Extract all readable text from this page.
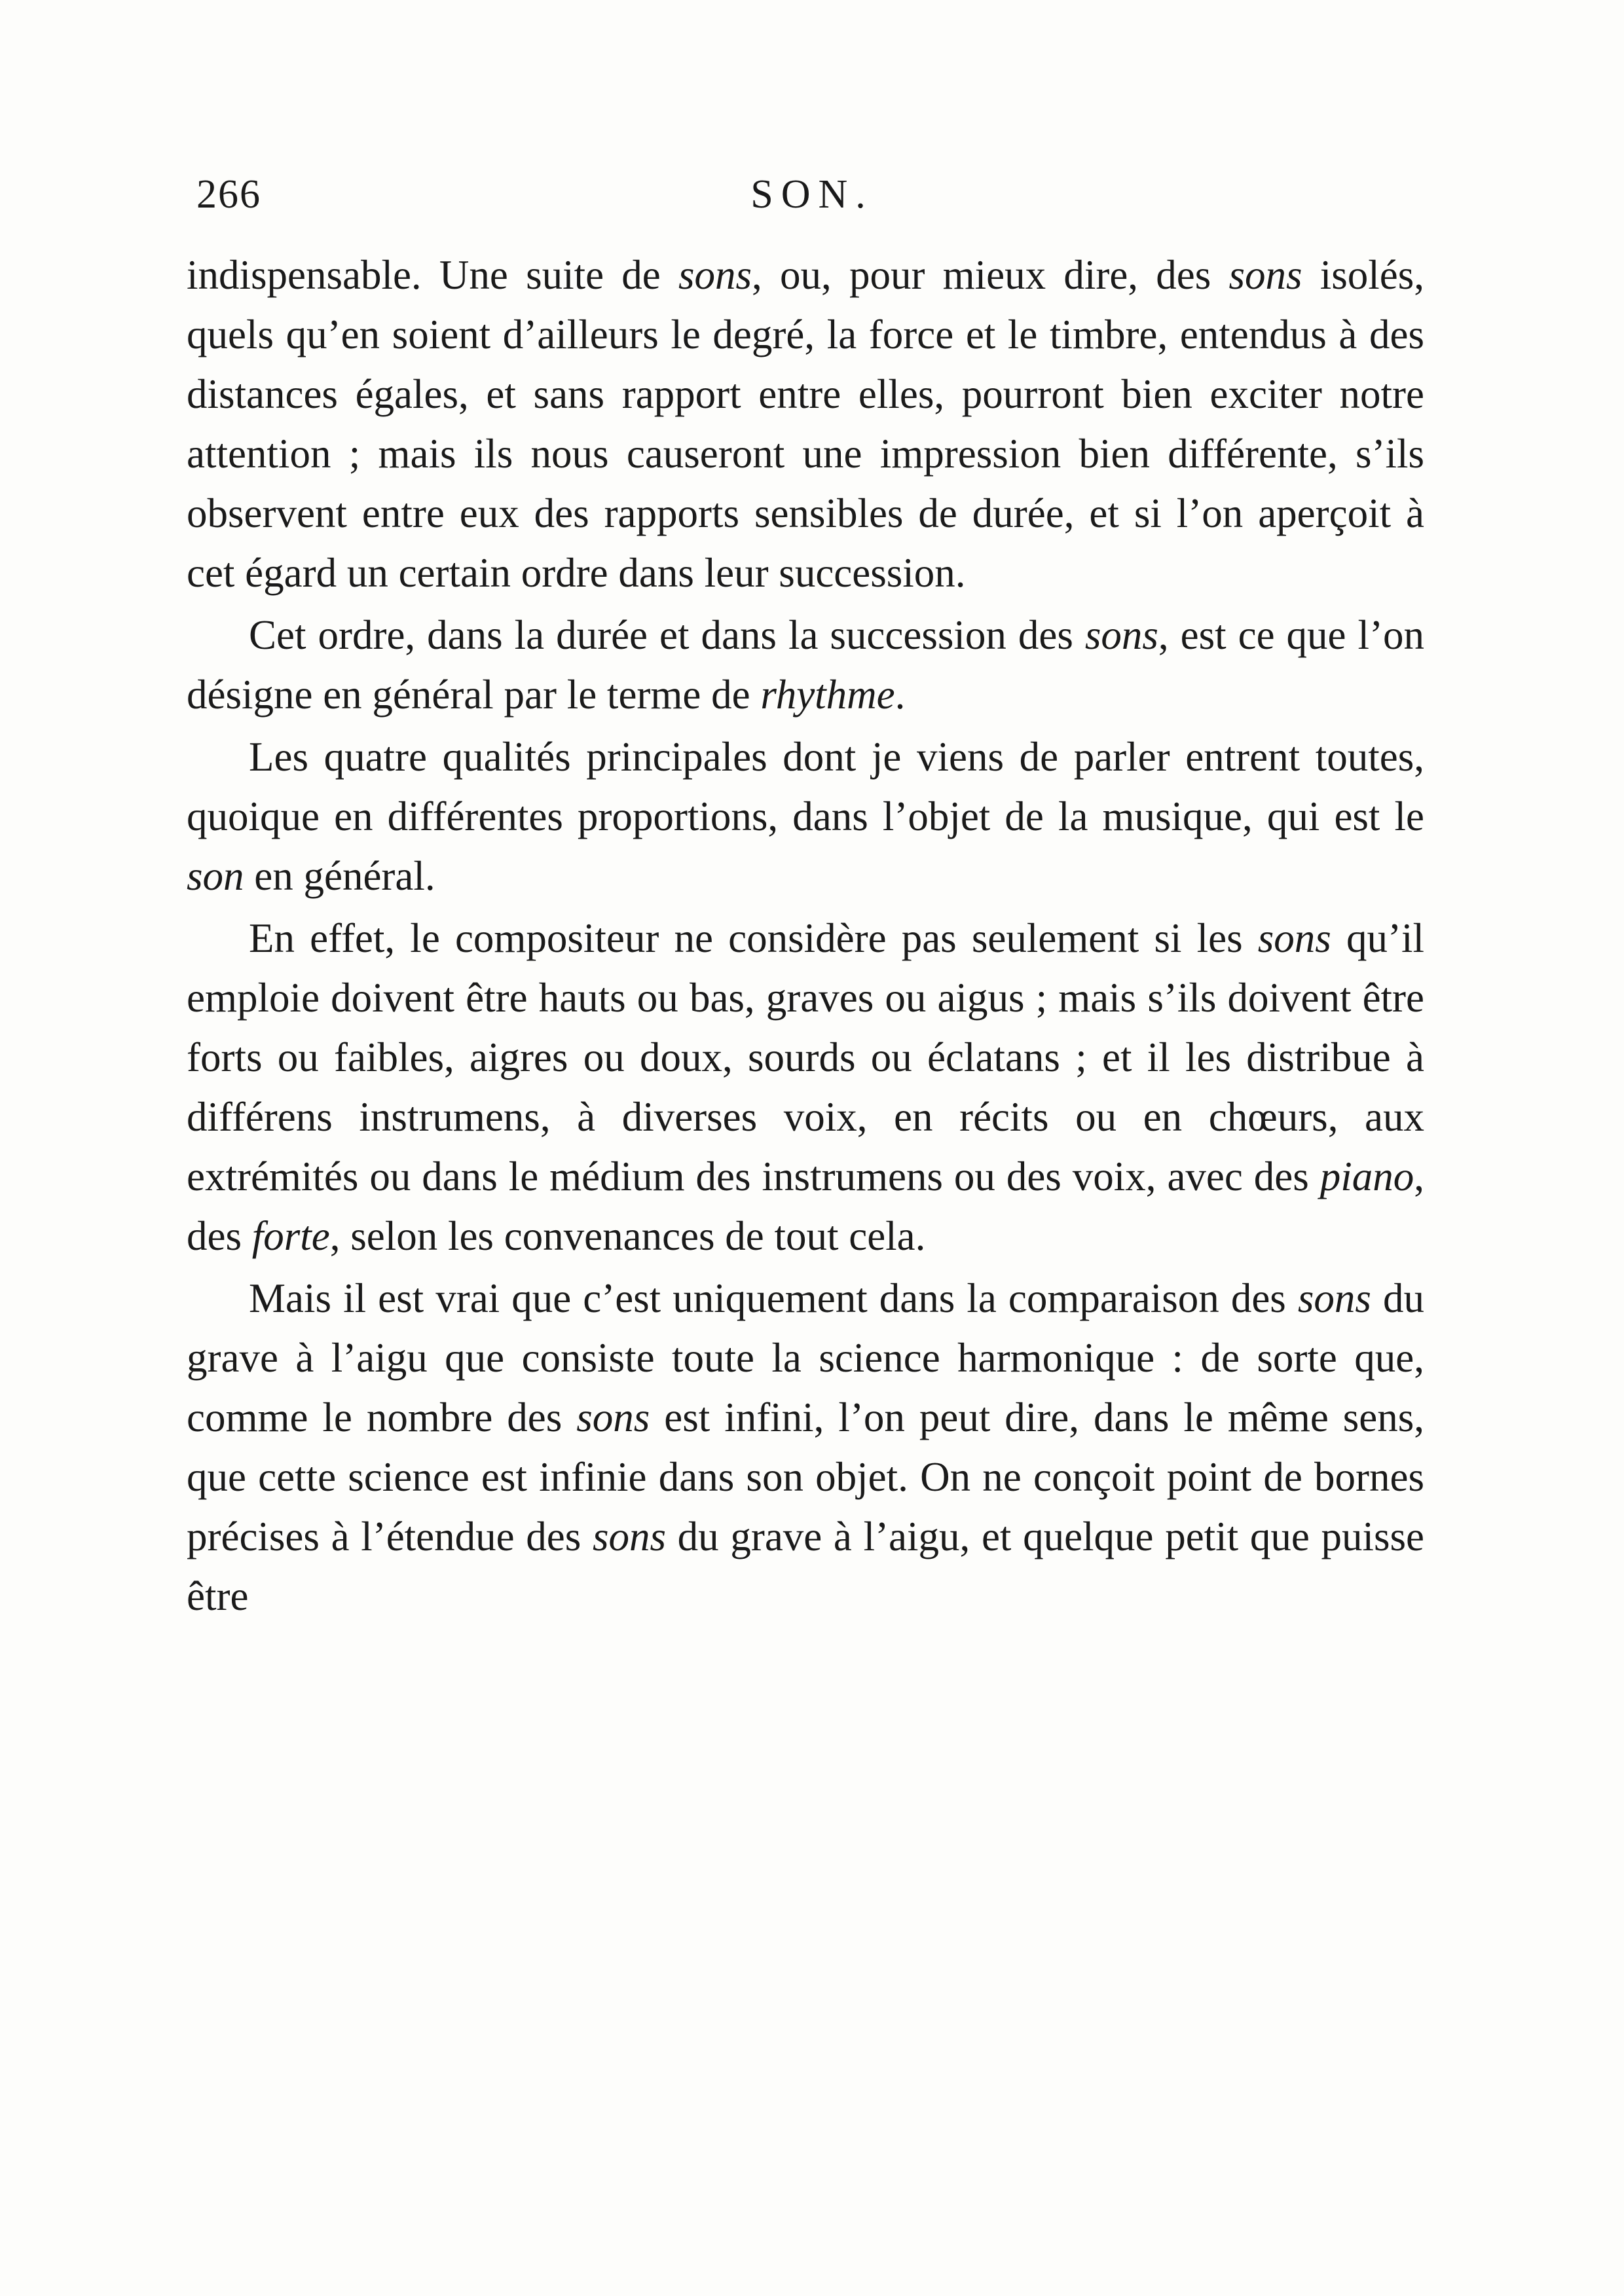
266	SON.

indispensable. Une suite de sons, ou, pour mieux dire, des sons isolés, quels qu’en soient d’ailleurs le degré, la force et le timbre, entendus à des distances égales, et sans rapport entre elles, pourront bien exciter notre attention ; mais ils nous causeront une impression bien différente, s’ils observent entre eux des rapports sensibles de durée, et si l’on aperçoit à cet égard un certain ordre dans leur succession.

Cet ordre, dans la durée et dans la succession des sons, est ce que l’on désigne en général par le terme de rhythme.

Les quatre qualités principales dont je viens de parler entrent toutes, quoique en différentes proportions, dans l’objet de la musique, qui est le son en général.

En effet, le compositeur ne considère pas seulement si les sons qu’il emploie doivent être hauts ou bas, graves ou aigus ; mais s’ils doivent être forts ou faibles, aigres ou doux, sourds ou éclatans ; et il les distribue à différens instrumens, à diverses voix, en récits ou en chœurs, aux extrémités ou dans le médium des instrumens ou des voix, avec des piano, des forte, selon les convenances de tout cela.

Mais il est vrai que c’est uniquement dans la comparaison des sons du grave à l’aigu que consiste toute la science harmonique : de sorte que, comme le nombre des sons est infini, l’on peut dire, dans le même sens, que cette science est infinie dans son objet. On ne conçoit point de bornes précises à l’étendue des sons du grave à l’aigu, et quelque petit que puisse être
